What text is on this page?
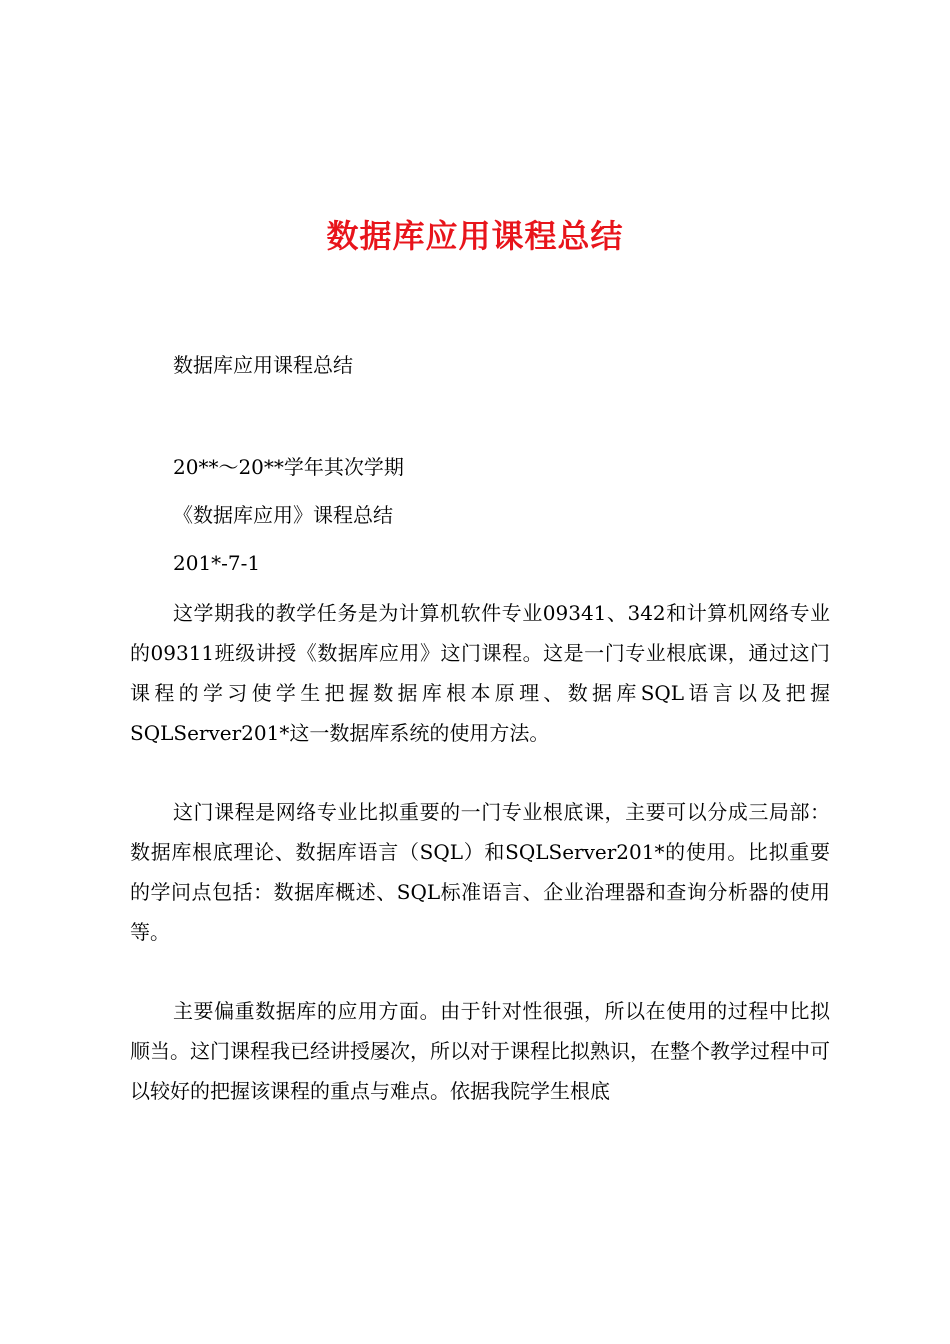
数据库应用课程总结
数据库应用课程总结
20**～20**学年其次学期
《数据库应用》课程总结
201*-7-1

这学期我的教学任务是为计算机软件专业09341、342和计算机网络专业的09311班级讲授《数据库应用》这门课程。这是一门专业根底课，通过这门课程的学习使学生把握数据库根本原理、数据库SQL语言以及把握SQLServer201*这一数据库系统的使用方法。

这门课程是网络专业比拟重要的一门专业根底课，主要可以分成三局部：数据库根底理论、数据库语言（SQL）和SQLServer201*的使用。比拟重要的学问点包括：数据库概述、SQL标准语言、企业治理器和查询分析器的使用等。

主要偏重数据库的应用方面。由于针对性很强，所以在使用的过程中比拟顺当。这门课程我已经讲授屡次，所以对于课程比拟熟识，在整个教学过程中可以较好的把握该课程的重点与难点。依据我院学生根底
